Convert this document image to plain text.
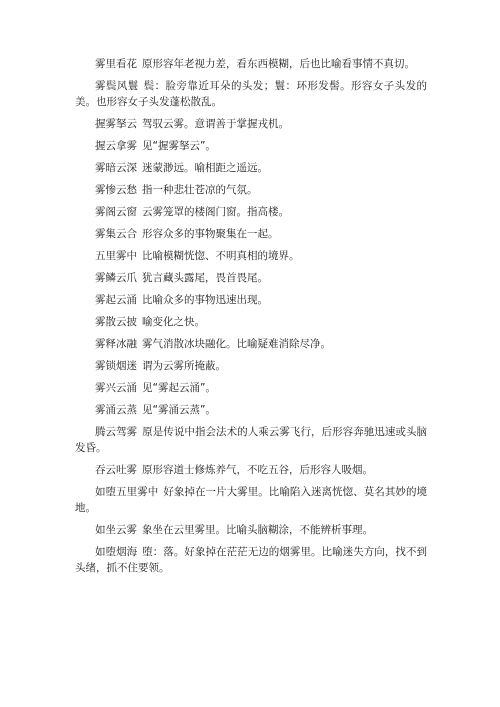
雾里看花 原形容年老视力差，看东西模糊，后也比喻看事情不真切。

雾鬓风鬟 鬓：脸旁靠近耳朵的头发；鬟：环形发髻。形容女子头发的美。也形容女子头发蓬松散乱。

握雾拏云 驾驭云雾。意谓善于掌握戎机。

握云拿雾 见“握雾拏云”。

雾暗云深 迷蒙渺远。喻相距之遥远。

雾惨云愁 指一种悲壮苍凉的气氛。

雾阁云窗 云雾笼罩的楼阁门窗。指高楼。

雾集云合 形容众多的事物聚集在一起。

五里雾中 比喻模糊恍惚、不明真相的境界。

雾鳞云爪 犹言藏头露尾，畏首畏尾。

雾起云涌 比喻众多的事物迅速出现。

雾散云披 喻变化之快。

雾释冰融 雾气消散冰块融化。比喻疑难消除尽净。

雾锁烟迷 谓为云雾所掩蔽。

雾兴云涌 见“雾起云涌”。

雾涌云蒸 见“雾涌云蒸”。

腾云驾雾 原是传说中指会法术的人乘云雾飞行，后形容奔驰迅速或头脑发昏。

吞云吐雾 原形容道士修炼养气，不吃五谷，后形容人吸烟。

如堕五里雾中 好象掉在一片大雾里。比喻陷入迷离恍惚、莫名其妙的境地。

如坐云雾 象坐在云里雾里。比喻头脑糊涂，不能辨析事理。

如堕烟海 堕：落。好象掉在茫茫无边的烟雾里。比喻迷失方向，找不到头绪，抓不住要领。
